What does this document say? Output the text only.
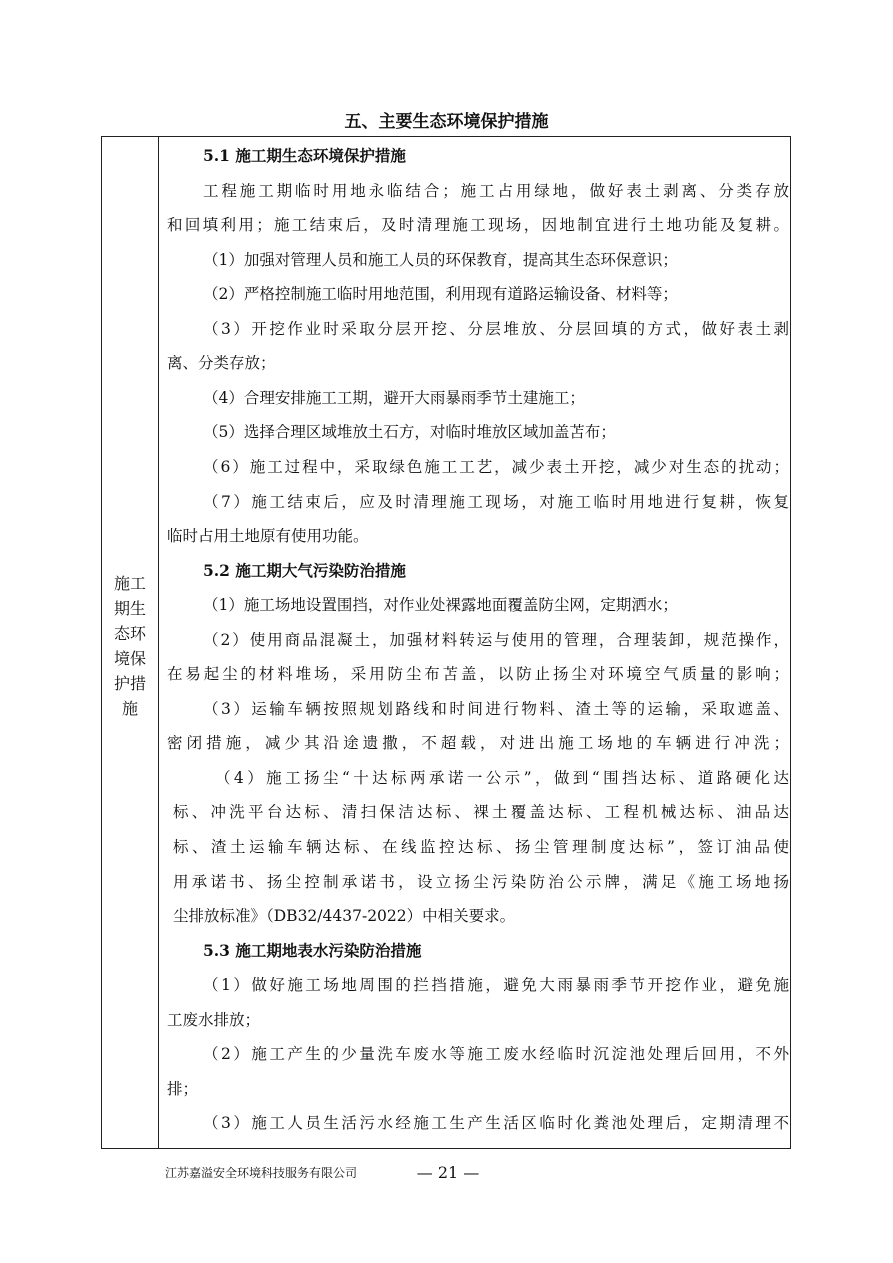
五、主要生态环境保护措施
施工
期生
态环
境保
护措
施
5.1 施工期生态环境保护措施
工程施工期临时用地永临结合；施工占用绿地，做好表土剥离、分类存放
和回填利用；施工结束后，及时清理施工现场，因地制宜进行土地功能及复耕。
（1）加强对管理人员和施工人员的环保教育，提高其生态环保意识；
（2）严格控制施工临时用地范围，利用现有道路运输设备、材料等；
（3）开挖作业时采取分层开挖、分层堆放、分层回填的方式，做好表土剥
离、分类存放；
（4）合理安排施工工期，避开大雨暴雨季节土建施工；
（5）选择合理区域堆放土石方，对临时堆放区域加盖苫布；
（6）施工过程中，采取绿色施工工艺，减少表土开挖，减少对生态的扰动；
（7）施工结束后，应及时清理施工现场，对施工临时用地进行复耕，恢复
临时占用土地原有使用功能。
5.2 施工期大气污染防治措施
（1）施工场地设置围挡，对作业处裸露地面覆盖防尘网，定期洒水；
（2）使用商品混凝土，加强材料转运与使用的管理，合理装卸，规范操作，
在易起尘的材料堆场，采用防尘布苫盖，以防止扬尘对环境空气质量的影响；
（3）运输车辆按照规划路线和时间进行物料、渣土等的运输，采取遮盖、
密闭措施，减少其沿途遗撒，不超载，对进出施工场地的车辆进行冲洗；
（4）施工扬尘“十达标两承诺一公示”，做到“围挡达标、道路硬化达
标、冲洗平台达标、清扫保洁达标、裸土覆盖达标、工程机械达标、油品达
标、渣土运输车辆达标、在线监控达标、扬尘管理制度达标”，签订油品使
用承诺书、扬尘控制承诺书，设立扬尘污染防治公示牌，满足《施工场地扬
尘排放标准》（DB32/4437-2022）中相关要求。
5.3 施工期地表水污染防治措施
（1）做好施工场地周围的拦挡措施，避免大雨暴雨季节开挖作业，避免施
工废水排放；
（2）施工产生的少量洗车废水等施工废水经临时沉淀池处理后回用，不外
排；
（3）施工人员生活污水经施工生产生活区临时化粪池处理后，定期清理不
江苏嘉溢安全环境科技服务有限公司	— 21 —
